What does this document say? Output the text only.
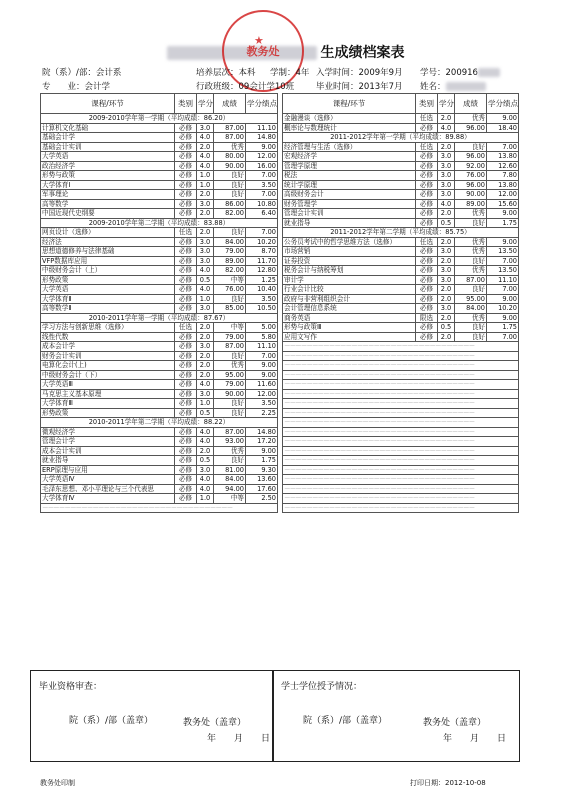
生成绩档案表
★
教务处
院（系）/部：会计系
专　　业：会计学
培养层次：本科 学制：4年 入学时间：2009年9月
行政班级：09会计学10班	毕业时间：2013年7月
学号：200916
姓名：
课程/环节	类别	学分	成绩	学分绩点
2009-2010学年第一学期（平均成绩：86.20）				
计算机文化基础	必修	3.0	87.00	11.10
基础会计学	必修	4.0	87.00	14.80
基础会计实训	必修	2.0	优秀	9.00
大学英语	必修	4.0	80.00	12.00
政治经济学	必修	4.0	90.00	16.00
形势与政策	必修	1.0	良好	7.00
大学体育Ⅰ	必修	1.0	良好	3.50
军事理论	必修	2.0	良好	7.00
高等数学	必修	3.0	86.00	10.80
中国近现代史纲要	必修	2.0	82.00	6.40
2009-2010学年第二学期（平均成绩：83.88）				
网页设计（选修）	任选	2.0	良好	7.00
经济法	必修	3.0	84.00	10.20
思想道德修养与法律基础	必修	3.0	79.00	8.70
VFP数据库应用	必修	3.0	89.00	11.70
中级财务会计（上）	必修	4.0	82.00	12.80
形势政策	必修	0.5	中等	1.25
大学英语	必修	4.0	76.00	10.40
大学体育Ⅱ	必修	1.0	良好	3.50
高等数学Ⅱ	必修	3.0	85.00	10.50
2010-2011学年第一学期（平均成绩：87.67）				
学习方法与创新思维（选修）	任选	2.0	中等	5.00
线性代数	必修	2.0	79.00	5.80
成本会计学	必修	3.0	87.00	11.10
财务会计实训	必修	2.0	良好	7.00
电算化会计(上)	必修	2.0	优秀	9.00
中级财务会计（下）	必修	2.0	95.00	9.00
大学英语Ⅲ	必修	4.0	79.00	11.60
马克思主义基本原理	必修	3.0	90.00	12.00
大学体育Ⅲ	必修	1.0	良好	3.50
形势政策	必修	0.5	良好	2.25
2010-2011学年第二学期（平均成绩：88.22）				
微观经济学	必修	4.0	87.00	14.80
管理会计学	必修	4.0	93.00	17.20
成本会计实训	必修	2.0	优秀	9.00
就业指导	必修	0.5	良好	1.75
ERP原理与应用	必修	3.0	81.00	9.30
大学英语Ⅳ	必修	4.0	84.00	13.60
毛泽东思想、邓小平理论与三个代表思	必修	4.0	94.00	17.60
大学体育Ⅳ	必修	1.0	中等	2.50
－－－－－－－－－－－－－－－－－－－－－－－－－－－－－－－－－－				
课程/环节	类别	学分	成绩	学分绩点
金融漫谈（选修）	任选	2.0	优秀	9.00
概率论与数理统计	必修	4.0	96.00	18.40
2011-2012学年第一学期（平均成绩：89.88）				
经济管理与生活（选修）	任选	2.0	良好	7.00
宏观经济学	必修	3.0	96.00	13.80
管理学原理	必修	3.0	92.00	12.60
税法	必修	3.0	76.00	7.80
统计学原理	必修	3.0	96.00	13.80
高级财务会计	必修	3.0	90.00	12.00
财务管理学	必修	4.0	89.00	15.60
管理会计实训	必修	2.0	优秀	9.00
就业指导	必修	0.5	良好	1.75
2011-2012学年第二学期（平均成绩：85.75）				
公务员考试中的哲学思维方法（选修）	任选	2.0	优秀	9.00
市场营销	必修	3.0	优秀	13.50
证券投资	必修	2.0	良好	7.00
税务会计与纳税筹划	必修	3.0	优秀	13.50
审计学	必修	3.0	87.00	11.10
行业会计比较	必修	2.0	良好	7.00
政府与非营利组织会计	必修	2.0	95.00	9.00
会计管理信息系统	必修	3.0	84.00	10.20
商务英语	限选	2.0	优秀	9.00
形势与政策Ⅲ	必修	0.5	良好	1.75
应用文写作	必修	2.0	良好	7.00
－－－－－－－－－－－－－－－－－－－－－－－－－－－－－－－－－－				
－－－－－－－－－－－－－－－－－－－－－－－－－－－－－－－－－－				
－－－－－－－－－－－－－－－－－－－－－－－－－－－－－－－－－－				
－－－－－－－－－－－－－－－－－－－－－－－－－－－－－－－－－－				
－－－－－－－－－－－－－－－－－－－－－－－－－－－－－－－－－－				
－－－－－－－－－－－－－－－－－－－－－－－－－－－－－－－－－－				
－－－－－－－－－－－－－－－－－－－－－－－－－－－－－－－－－－				
－－－－－－－－－－－－－－－－－－－－－－－－－－－－－－－－－－				
－－－－－－－－－－－－－－－－－－－－－－－－－－－－－－－－－－				
－－－－－－－－－－－－－－－－－－－－－－－－－－－－－－－－－－				
－－－－－－－－－－－－－－－－－－－－－－－－－－－－－－－－－－				
－－－－－－－－－－－－－－－－－－－－－－－－－－－－－－－－－－				
－－－－－－－－－－－－－－－－－－－－－－－－－－－－－－－－－－				
－－－－－－－－－－－－－－－－－－－－－－－－－－－－－－－－－－				
－－－－－－－－－－－－－－－－－－－－－－－－－－－－－－－－－－				
－－－－－－－－－－－－－－－－－－－－－－－－－－－－－－－－－－				
－－－－－－－－－－－－－－－－－－－－－－－－－－－－－－－－－－				
－－－－－－－－－－－－－－－－－－－－－－－－－－－－－－－－－－				
毕业资格审查：
院（系）/部（盖章）	教务处（盖章）
年　　月　　日
学士学位授予情况：
院（系）/部（盖章）	教务处（盖章）
年　　月　　日
教务处印制	打印日期：2012-10-08
